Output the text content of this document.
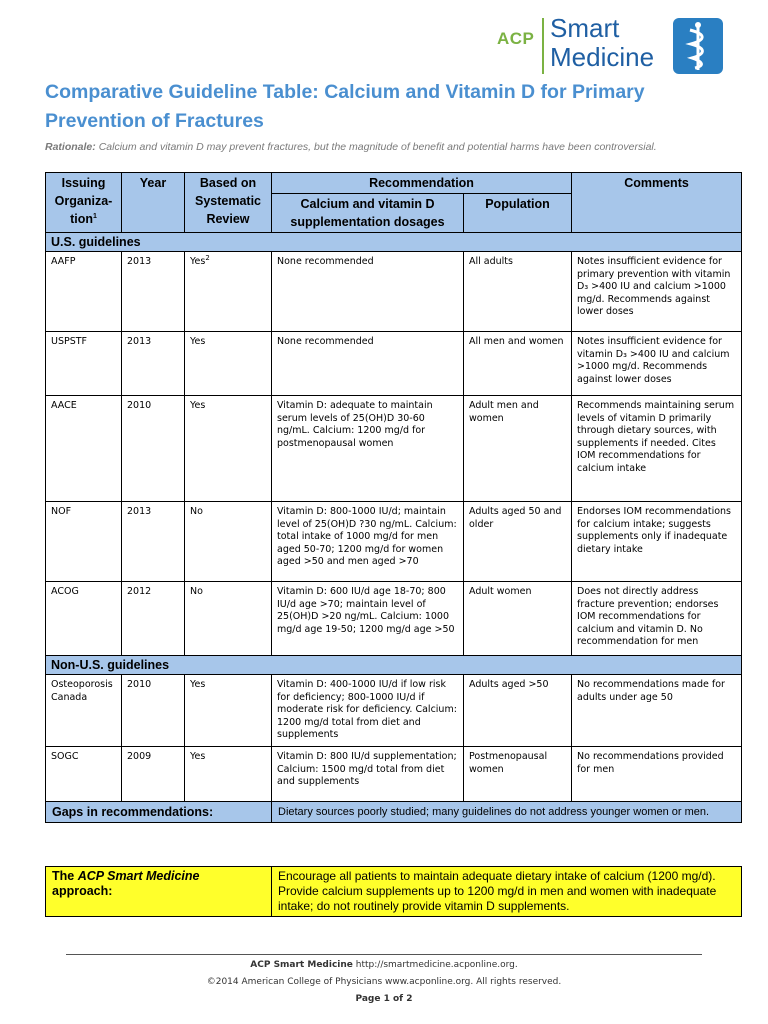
ACP Smart
Medicine
Comparative Guideline Table: Calcium and Vitamin D for Primary Prevention of Fractures
Rationale: Calcium and vitamin D may prevent fractures, but the magnitude of benefit and potential harms have been controversial.
Issuing Organiza-tion$^1$	Year	Based on Systematic Review	Recommendation		Comments
			Calcium and vitamin D supplementation dosages	Population	
U.S. guidelines					
AAFP	2013	Yes$^2$	None recommended	All adults	Notes insufficient evidence for primary prevention with vitamin D₃ >400 IU and calcium >1000 mg/d. Recommends against lower doses
USPSTF	2013	Yes	None recommended	All men and women	Notes insufficient evidence for vitamin D₃ >400 IU and calcium >1000 mg/d. Recommends against lower doses
AACE	2010	Yes	Vitamin D: adequate to maintain serum levels of 25(OH)D 30-60 ng/mL. Calcium: 1200 mg/d for postmenopausal women	Adult men and women	Recommends maintaining serum levels of vitamin D primarily through dietary sources, with supplements if needed. Cites IOM recommendations for calcium intake
NOF	2013	No	Vitamin D: 800-1000 IU/d; maintain level of 25(OH)D ?30 ng/mL. Calcium: total intake of 1000 mg/d for men aged 50-70; 1200 mg/d for women aged >50 and men aged >70	Adults aged 50 and older	Endorses IOM recommendations for calcium intake; suggests supplements only if inadequate dietary intake
ACOG	2012	No	Vitamin D: 600 IU/d age 18-70; 800 IU/d age >70; maintain level of 25(OH)D >20 ng/mL. Calcium: 1000 mg/d age 19-50; 1200 mg/d age >50	Adult women	Does not directly address fracture prevention; endorses IOM recommendations for calcium and vitamin D. No recommendation for men
Non-U.S. guidelines					
Osteoporosis Canada	2010	Yes	Vitamin D: 400-1000 IU/d if low risk for deficiency; 800-1000 IU/d if moderate risk for deficiency. Calcium: 1200 mg/d total from diet and supplements	Adults aged >50	No recommendations made for adults under age 50
SOGC	2009	Yes	Vitamin D: 800 IU/d supplementation; Calcium: 1500 mg/d total from diet and supplements	Postmenopausal women	No recommendations provided for men
Gaps in recommendations:			Dietary sources poorly studied; many guidelines do not address younger women or men.		
The ACP Smart Medicine
approach:
	Encourage all patients to maintain adequate dietary intake of calcium (1200 mg/d). Provide calcium supplements up to 1200 mg/d in men and women with inadequate intake; do not routinely provide vitamin D supplements.
ACP Smart Medicine http://smartmedicine.acponline.org.
©2014 American College of Physicians www.acponline.org. All rights reserved.
Page 1 of 2
